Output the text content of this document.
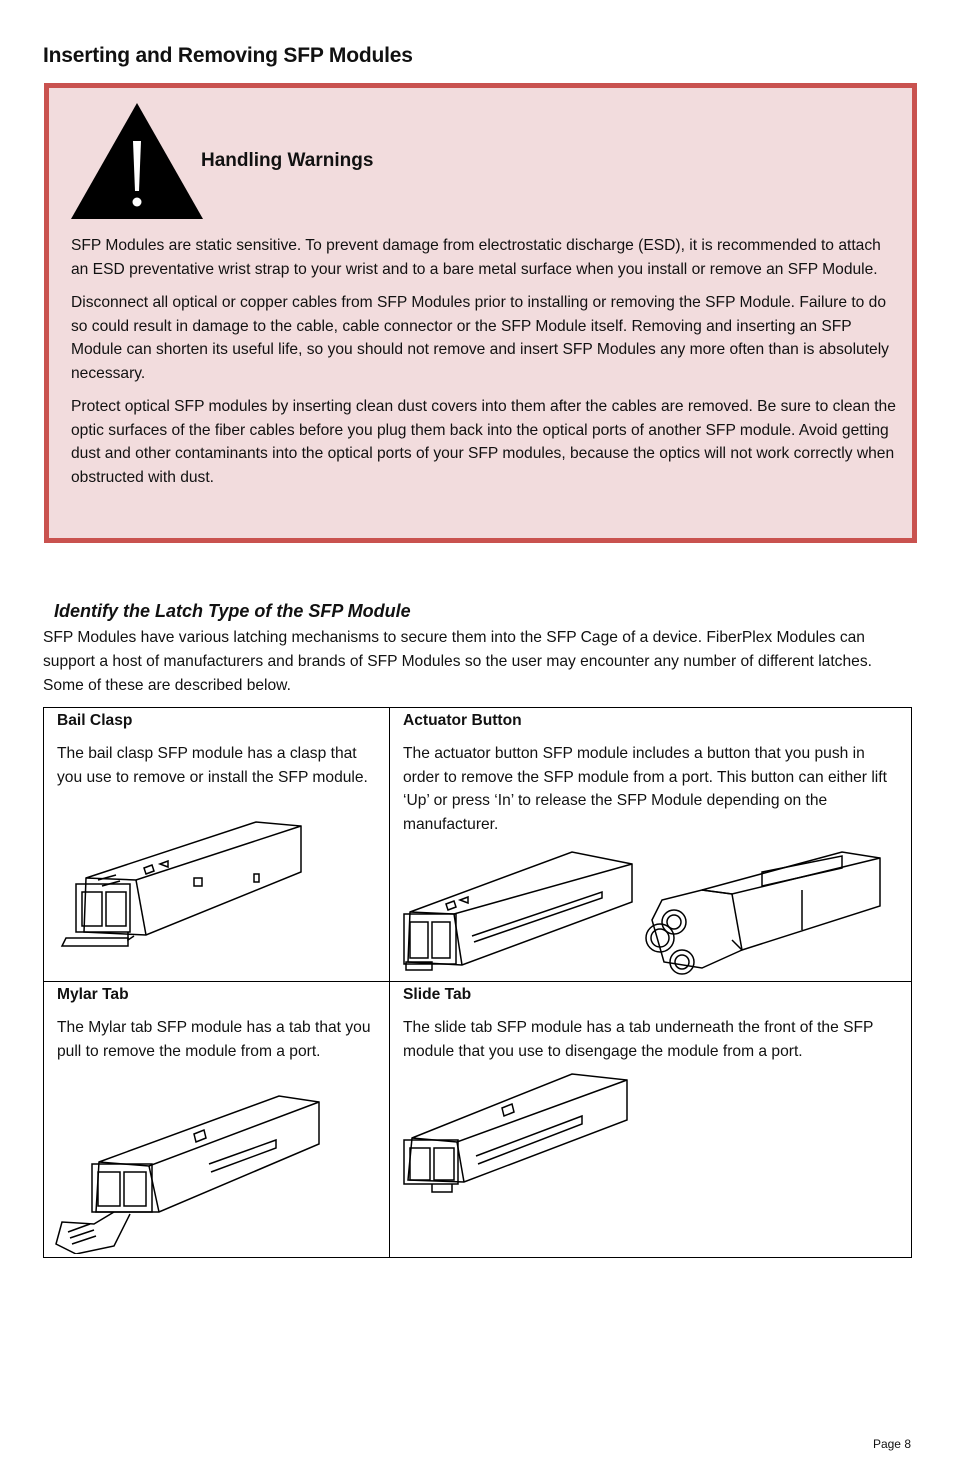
Inserting and Removing SFP Modules
Handling Warnings

SFP Modules are static sensitive. To prevent damage from electrostatic discharge (ESD), it is recommended to attach an ESD preventative wrist strap to your wrist and to a bare metal surface when you install or remove an SFP Module.

Disconnect all optical or copper cables from SFP Modules prior to installing or removing the SFP Module. Failure to do so could result in damage to the cable, cable connector or the SFP Module itself. Removing and inserting an SFP Module can shorten its useful life, so you should not remove and insert SFP Modules any more often than is absolutely necessary.

Protect optical SFP modules by inserting clean dust covers into them after the cables are removed. Be sure to clean the optic surfaces of the fiber cables before you plug them back into the optical ports of another SFP module. Avoid getting dust and other contaminants into the optical ports of your SFP modules, because the optics will not work correctly when obstructed with dust.

Identify the Latch Type of the SFP Module
SFP Modules have various latching mechanisms to secure them into the SFP Cage of a device. FiberPlex Modules can support a host of manufacturers and brands of SFP Modules so the user may encounter any number of different latches. Some of these are described below.
Bail Clasp
The bail clasp SFP module has a clasp that you use to remove or install the SFP module.
Actuator Button
The actuator button SFP module includes a button that you push in order to remove the SFP module from a port. This button can either lift ‘Up’ or press ‘In’ to release the SFP Module depending on the manufacturer.
Mylar Tab
The Mylar tab SFP module has a tab that you pull to remove the module from a port.
Slide Tab
The slide tab SFP module has a tab underneath the front of the SFP module that you use to disengage the module from a port.
Page 8
